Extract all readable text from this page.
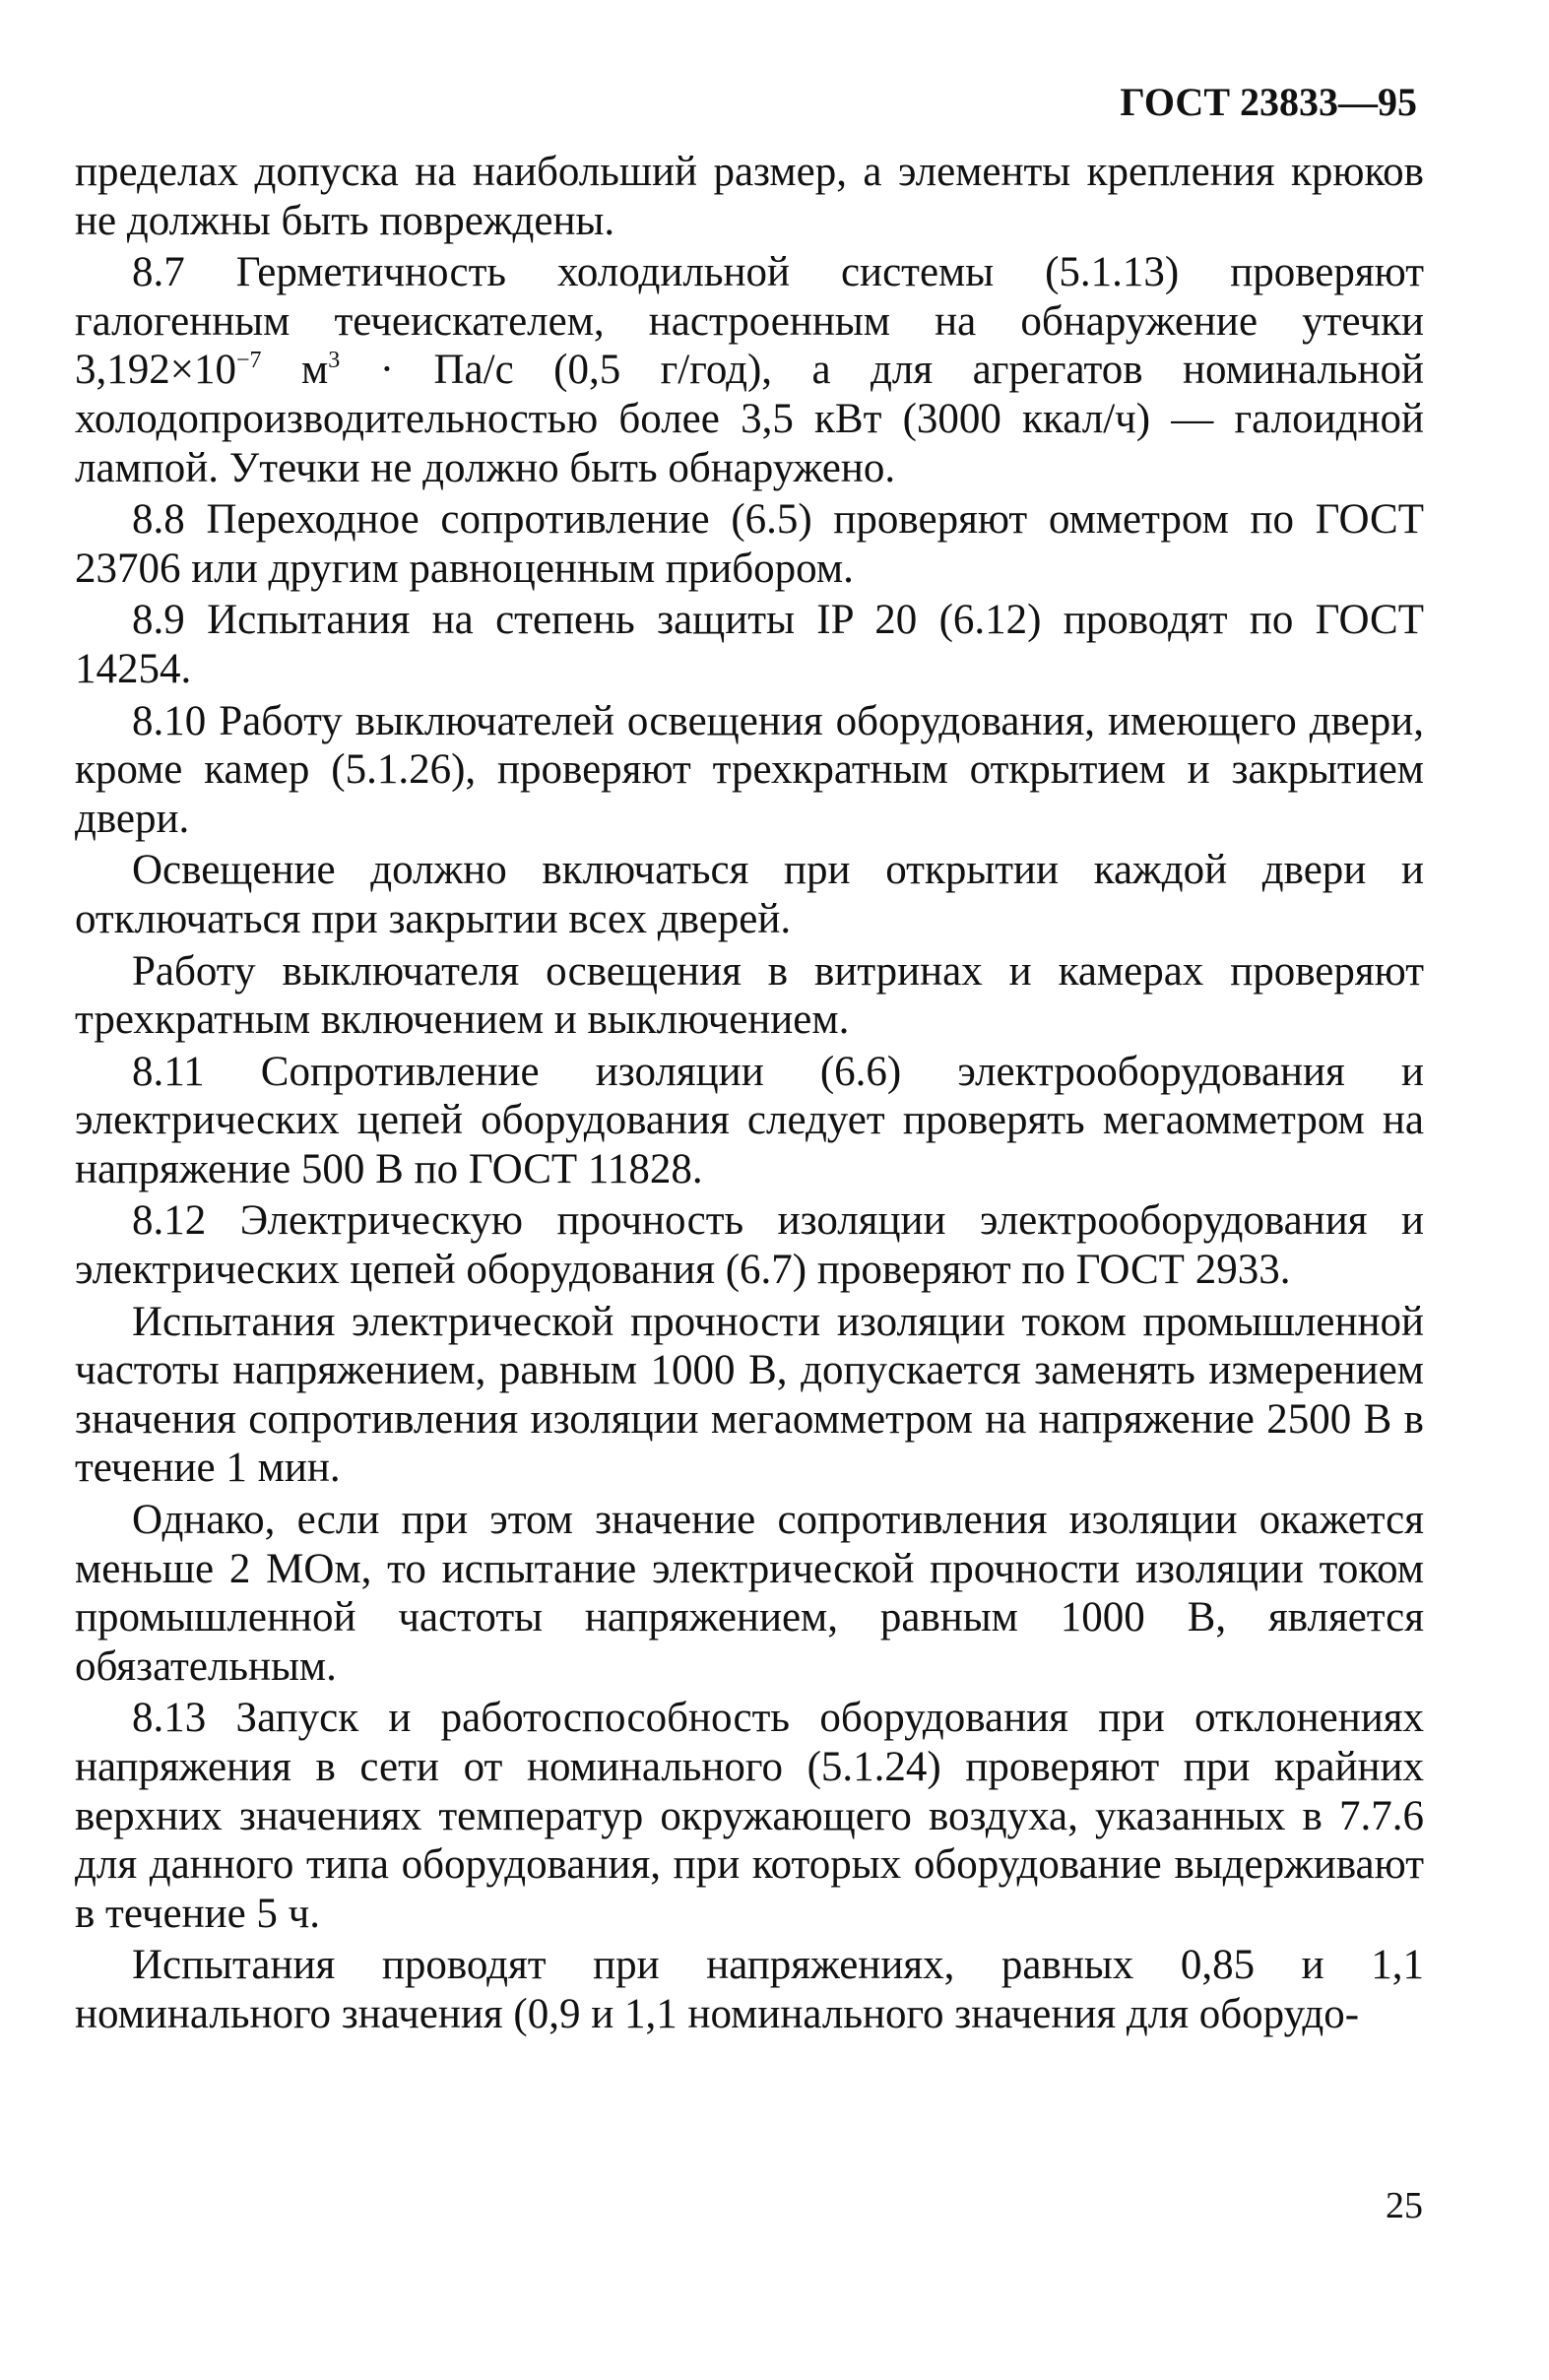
ГОСТ 23833—95

пределах допуска на наибольший размер, а элементы крепления крюков не должны быть повреждены.

8.7 Герметичность холодильной системы (5.1.13) проверяют галогенным течеискателем, настроенным на обнаружение утечки $3,192\times 10^{-7}$ $м^3 \cdot Па/с$ (0,5 г/год), а для агрегатов номинальной холодопроизводительностью более 3,5 кВт (3000 ккал/ч) — галоидной лампой. Утечки не должно быть обнаружено.

8.8 Переходное сопротивление (6.5) проверяют омметром по ГОСТ 23706 или другим равноценным прибором.

8.9 Испытания на степень защиты IP 20 (6.12) проводят по ГОСТ 14254.

8.10 Работу выключателей освещения оборудования, имеющего двери, кроме камер (5.1.26), проверяют трехкратным открытием и закрытием двери.

Освещение должно включаться при открытии каждой двери и отключаться при закрытии всех дверей.

Работу выключателя освещения в витринах и камерах проверяют трехкратным включением и выключением.

8.11 Сопротивление изоляции (6.6) электрооборудования и электрических цепей оборудования следует проверять мегаомметром на напряжение 500 В по ГОСТ 11828.

8.12 Электрическую прочность изоляции электрооборудования и электрических цепей оборудования (6.7) проверяют по ГОСТ 2933.

Испытания электрической прочности изоляции током промышленной частоты напряжением, равным 1000 В, допускается заменять измерением значения сопротивления изоляции мегаомметром на напряжение 2500 В в течение 1 мин.

Однако, если при этом значение сопротивления изоляции окажется меньше 2 МОм, то испытание электрической прочности изоляции током промышленной частоты напряжением, равным 1000 В, является обязательным.

8.13 Запуск и работоспособность оборудования при отклонениях напряжения в сети от номинального (5.1.24) проверяют при крайних верхних значениях температур окружающего воздуха, указанных в 7.7.6 для данного типа оборудования, при которых оборудование выдерживают в течение 5 ч.

Испытания проводят при напряжениях, равных 0,85 и 1,1 номинального значения (0,9 и 1,1 номинального значения для оборудо-

25
